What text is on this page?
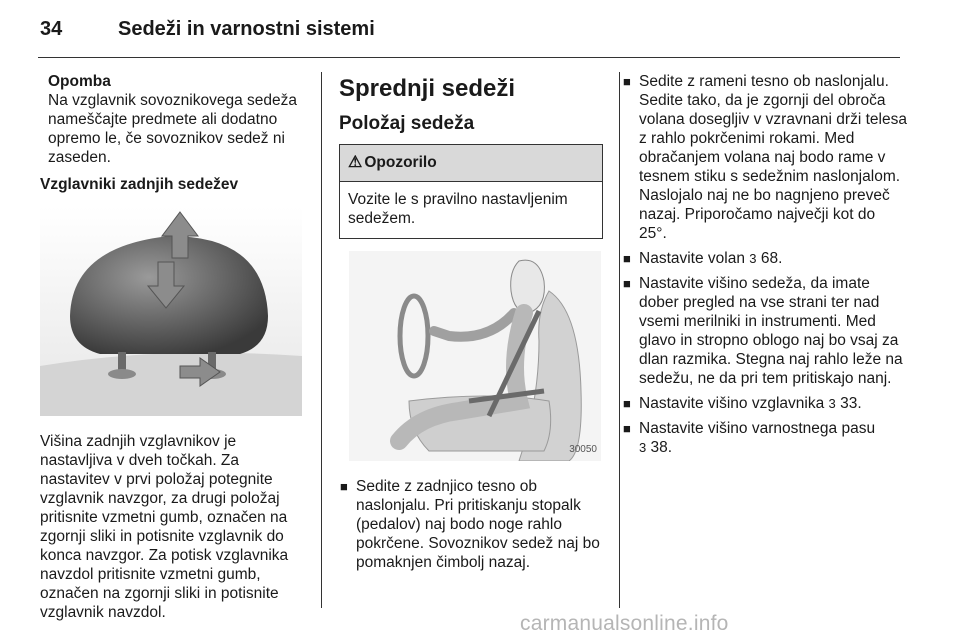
34	Sedeži in varnostni sistemi

Opomba

Na vzglavnik sovoznikovega sedeža nameščajte predmete ali dodatno opremo le, če sovoznikov sedež ni zaseden.

Vzglavniki zadnjih sedežev

Višina zadnjih vzglavnikov je nastavljiva v dveh točkah. Za nastavitev v prvi položaj potegnite vzglavnik navzgor, za drugi položaj pritisnite vzmetni gumb, označen na zgornji sliki in potisnite vzglavnik do konca navzgor. Za potisk vzglavnika navzdol pritisnite vzmetni gumb, označen na zgornji sliki in potisnite vzglavnik navzdol.

Sprednji sedeži
Položaj sedeža
⚠ Opozorilo
Vozite le s pravilno nastavljenim sedežem.
30050
■ Sedite z zadnjico tesno ob naslonjalu. Pri pritiskanju stopalk (pedalov) naj bodo noge rahlo pokrčene. Sovoznikov sedež naj bo pomaknjen čimbolj nazaj.
■ Sedite z rameni tesno ob naslonjalu. Sedite tako, da je zgornji del obroča volana dosegljiv v vzravnani drži telesa z rahlo pokrčenimi rokami. Med obračanjem volana naj bodo rame v tesnem stiku s sedežnim naslonjalom. Naslojalo naj ne bo nagnjeno preveč nazaj. Priporočamo največji kot do 25°.
■ Nastavite volan 3 68.
■ Nastavite višino sedeža, da imate dober pregled na vse strani ter nad vsemi merilniki in instrumenti. Med glavo in stropno oblogo naj bo vsaj za dlan razmika. Stegna naj rahlo leže na sedežu, ne da pri tem pritiskajo nanj.
■ Nastavite višino vzglavnika 3 33.
■ Nastavite višino varnostnega pasu
3 38.
carmanualsonline.info
